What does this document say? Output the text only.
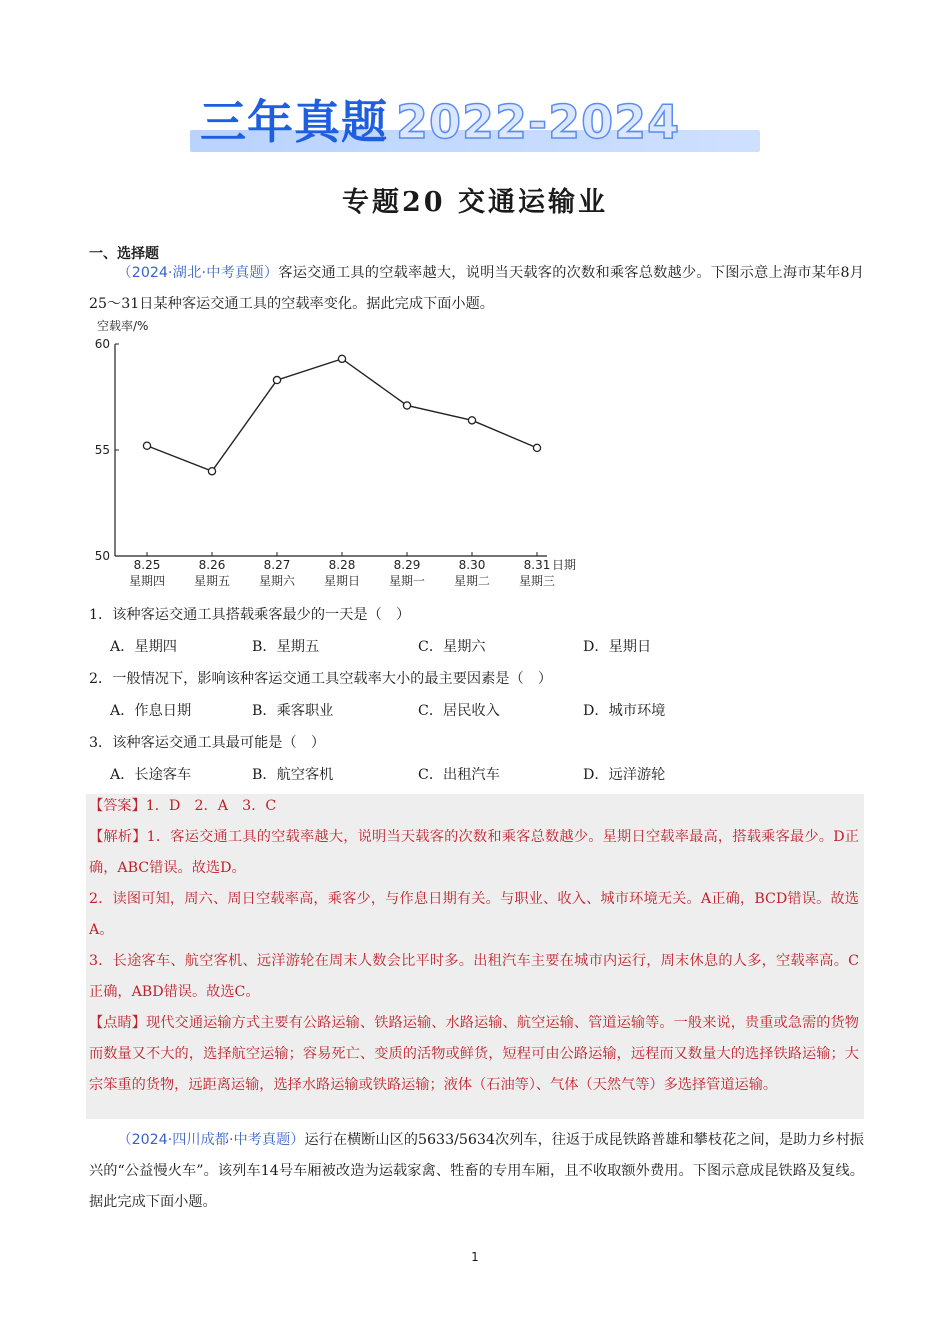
三年真题 2022-2024
专题20 交通运输业
一、选择题

（2024·湖北·中考真题）客运交通工具的空载率越大，说明当天载客的次数和乘客总数越少。下图示意上海市某年8月25～31日某种客运交通工具的空载率变化。据此完成下面小题。

空载率/%
日期
60
55
50
8.25
星期四
8.26
星期五
8.27
星期六
8.28
星期日
8.29
星期一
8.30
星期二
8.31
星期三
1．该种客运交通工具搭载乘客最少的一天是（　）
A．星期四	B．星期五	C．星期六	D．星期日
2．一般情况下，影响该种客运交通工具空载率大小的最主要因素是（　）
A．作息日期	B．乘客职业	C．居民收入	D．城市环境
3．该种客运交通工具最可能是（　）
A．长途客车	B．航空客机	C．出租汽车	D．远洋游轮

【答案】1．D　2．A　3．C

【解析】1．客运交通工具的空载率越大，说明当天载客的次数和乘客总数越少。星期日空载率最高，搭载乘客最少。D正确，ABC错误。故选D。

2．读图可知，周六、周日空载率高，乘客少，与作息日期有关。与职业、收入、城市环境无关。A正确，BCD错误。故选A。

3．长途客车、航空客机、远洋游轮在周末人数会比平时多。出租汽车主要在城市内运行，周末休息的人多，空载率高。C正确，ABD错误。故选C。

【点睛】现代交通运输方式主要有公路运输、铁路运输、水路运输、航空运输、管道运输等。一般来说，贵重或急需的货物而数量又不大的，选择航空运输；容易死亡、变质的活物或鲜货，短程可由公路运输，远程而又数量大的选择铁路运输；大宗笨重的货物，远距离运输，选择水路运输或铁路运输；液体（石油等）、气体（天然气等）多选择管道运输。

（2024·四川成都·中考真题）运行在横断山区的5633/5634次列车，往返于成昆铁路普雄和攀枝花之间，是助力乡村振兴的“公益慢火车”。该列车14号车厢被改造为运载家禽、牲畜的专用车厢，且不收取额外费用。下图示意成昆铁路及复线。据此完成下面小题。

1
